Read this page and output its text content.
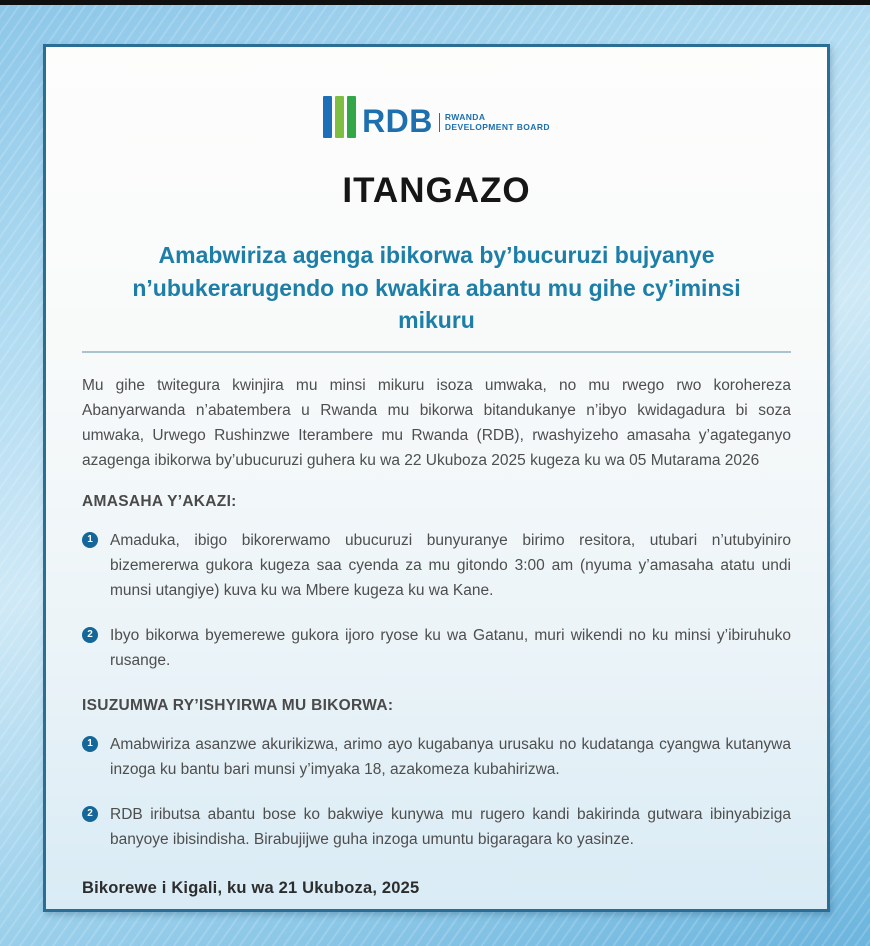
RDB RWANDA
DEVELOPMENT BOARD
ITANGAZO
Amabwiriza agenga ibikorwa by’bucuruzi bujyanye n’ubukerarugendo no kwakira abantu mu gihe cy’iminsi mikuru

Mu gihe twitegura kwinjira mu minsi mikuru isoza umwaka, no mu rwego rwo korohereza Abanyarwanda n’abatembera u Rwanda mu bikorwa bitandukanye n’ibyo kwidagadura bi soza umwaka, Urwego Rushinzwe Iterambere mu Rwanda (RDB), rwashyizeho amasaha y’agateganyo azagenga ibikorwa by’ubucuruzi guhera ku wa 22 Ukuboza 2025 kugeza ku wa 05 Mutarama 2026

AMASAHA Y’AKAZI:
1	Amaduka, ibigo bikorerwamo ubucuruzi bunyuranye birimo resitora, utubari n’utubyiniro bizemererwa gukora kugeza saa cyenda za mu gitondo 3:00 am (nyuma y’amasaha atatu undi munsi utangiye) kuva ku wa Mbere kugeza ku wa Kane.

2	Ibyo bikorwa byemerewe gukora ijoro ryose ku wa Gatanu, muri wikendi no ku minsi y’ibiruhuko rusange.

ISUZUMWA RY’ISHYIRWA MU BIKORWA:
1	Amabwiriza asanzwe akurikizwa, arimo ayo kugabanya urusaku no kudatanga cyangwa kutanywa inzoga ku bantu bari munsi y’imyaka 18, azakomeza kubahirizwa.

2	RDB iributsa abantu bose ko bakwiye kunywa mu rugero kandi bakirinda gutwara ibinyabiziga banyoye ibisindisha. Birabujijwe guha inzoga umuntu bigaragara ko yasinze.

Bikorewe i Kigali, ku wa 21 Ukuboza, 2025
